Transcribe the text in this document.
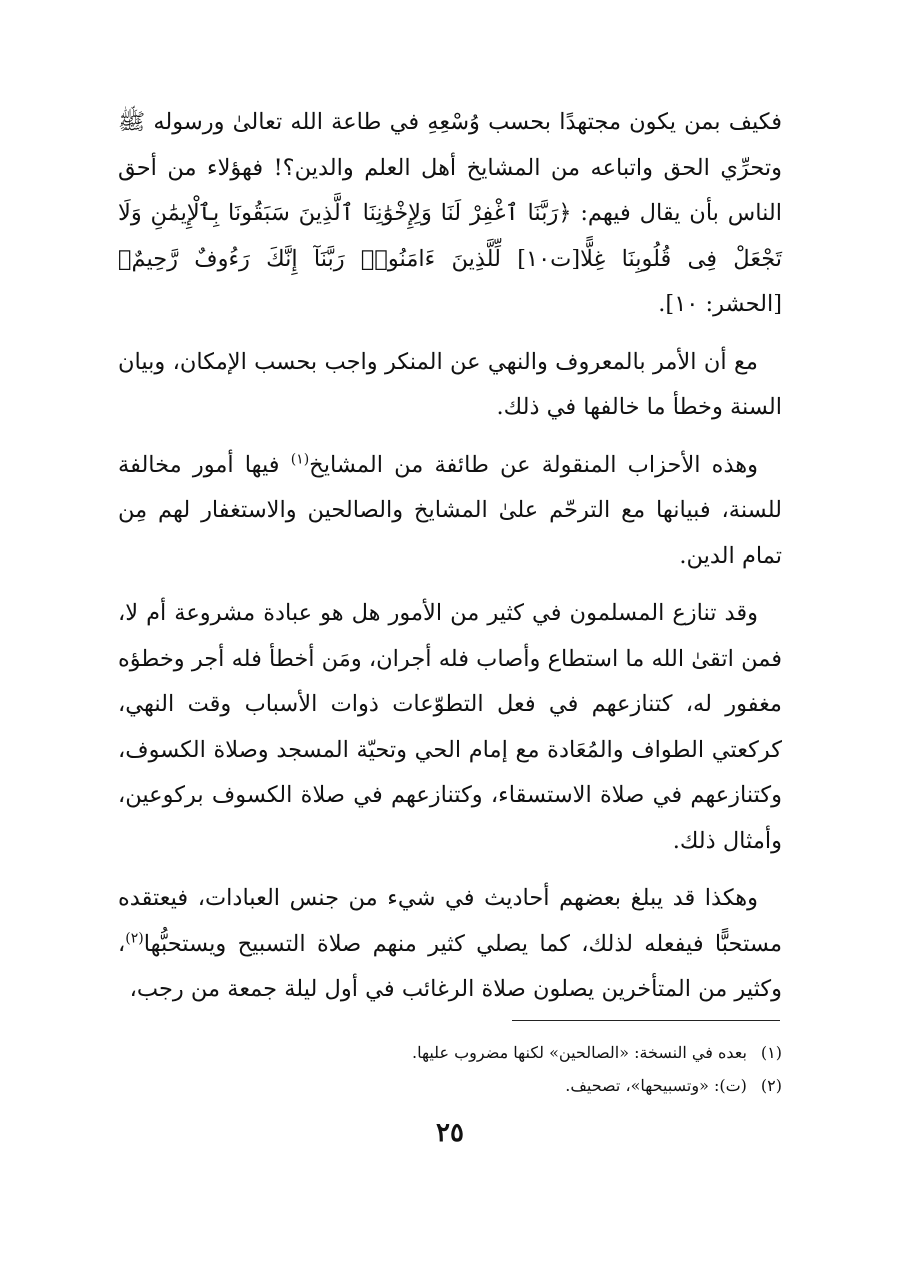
فكيف بمن يكون مجتهدًا بحسب وُسْعِهِ في طاعة الله تعالىٰ ورسوله ﷺ وتحرِّي الحق واتباعه من المشايخ أهل العلم والدين؟! فهؤلاء من أحق الناس بأن يقال فيهم: ﴿رَبَّنَا ٱغْفِرْ لَنَا وَلِإِخْوَٰنِنَا ٱلَّذِينَ سَبَقُونَا بِٱلْإِيمَٰنِ وَلَا تَجْعَلْ فِى قُلُوبِنَا غِلًّا[ت١٠] لِّلَّذِينَ ءَامَنُوا۟ رَبَّنَآ إِنَّكَ رَءُوفٌ رَّحِيمٌ﴾ [الحشر: ١٠].

مع أن الأمر بالمعروف والنهي عن المنكر واجب بحسب الإمكان، وبيان السنة وخطأ ما خالفها في ذلك.

وهذه الأحزاب المنقولة عن طائفة من المشايخ$^{(١)}$ فيها أمور مخالفة للسنة، فبيانها مع الترحّم علىٰ المشايخ والصالحين والاستغفار لهم مِن تمام الدين.

وقد تنازع المسلمون في كثير من الأمور هل هو عبادة مشروعة أم لا، فمن اتقىٰ الله ما استطاع وأصاب فله أجران، ومَن أخطأ فله أجر وخطؤه مغفور له، كتنازعهم في فعل التطوّعات ذوات الأسباب وقت النهي، كركعتي الطواف والمُعَادة مع إمام الحي وتحيّة المسجد وصلاة الكسوف، وكتنازعهم في صلاة الاستسقاء، وكتنازعهم في صلاة الكسوف بركوعين، وأمثال ذلك.

وهكذا قد يبلغ بعضهم أحاديث في شيء من جنس العبادات، فيعتقده مستحبًّا فيفعله لذلك، كما يصلي كثير منهم صلاة التسبيح ويستحبُّها$^{(٢)}$، وكثير من المتأخرين يصلون صلاة الرغائب في أول ليلة جمعة من رجب،

(١)بعده في النسخة: «الصالحين» لكنها مضروب عليها.

(٢)(ت): «وتسبيحها»، تصحيف.

٢٥
